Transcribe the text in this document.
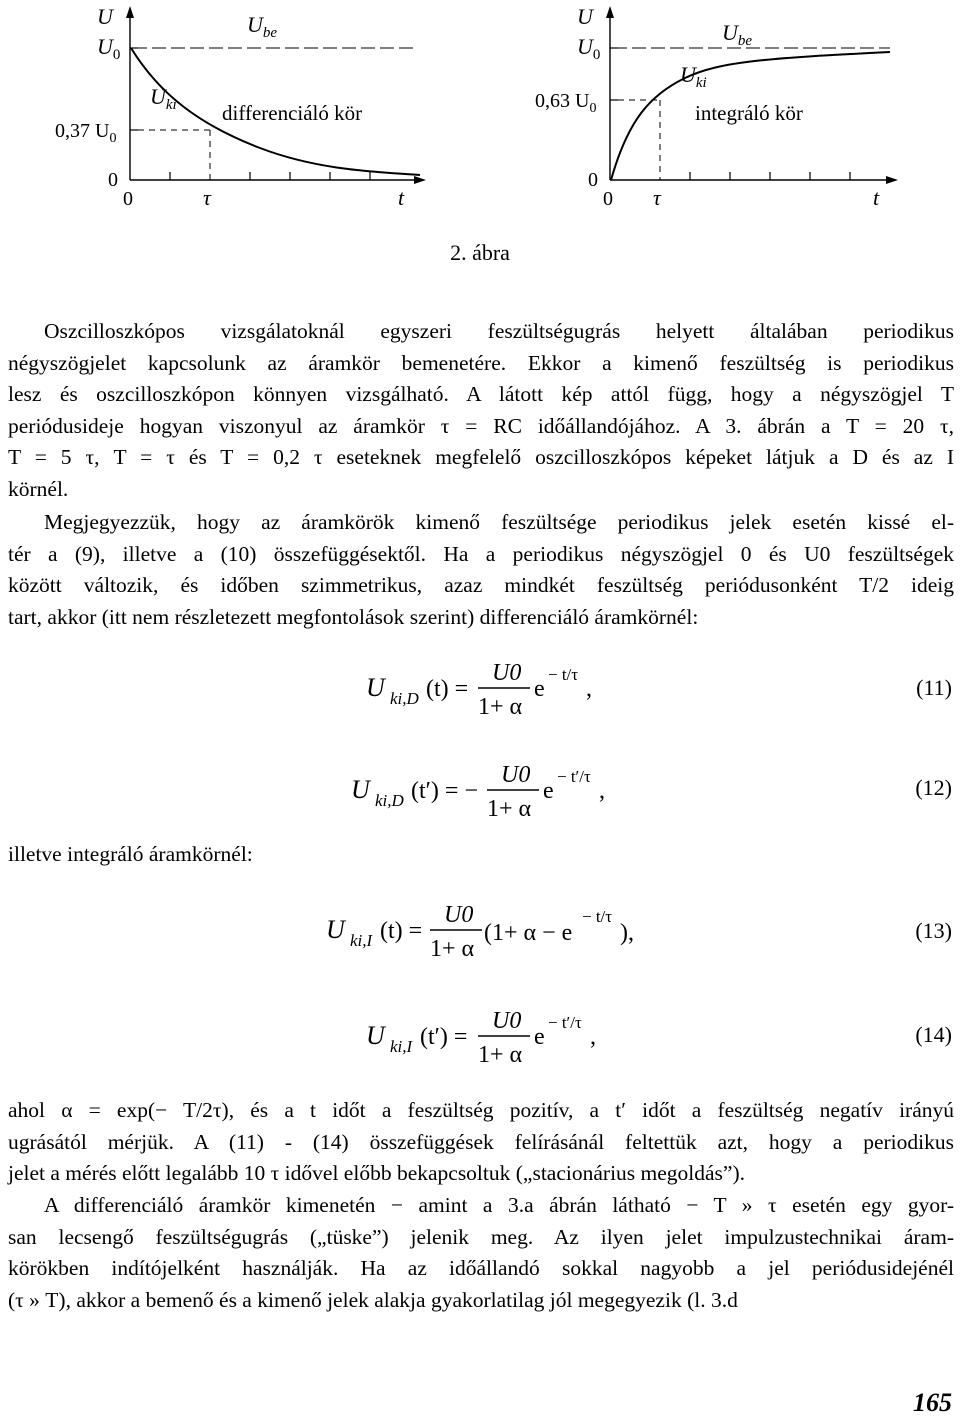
U
$U_0$
0,37 $U_0$
0
0	τ	t
$U_{be}$
$U_{ki}$ differenciáló kör
U
$U_0$
0,63 $U_0$
0
0 τ	t
$U_{be}$
$U_{ki}$
integráló kör
2. ábra
Oszcilloszkópos vizsgálatoknál egyszeri feszültségugrás helyett általában periodikus
négyszögjelet kapcsolunk az áramkör bemenetére. Ekkor a kimenő feszültség is periodikus
lesz és oszcilloszkópon könnyen vizsgálható. A látott kép attól függ, hogy a négyszögjel T
periódusideje hogyan viszonyul az áramkör τ = RC időállandójához. A 3. ábrán a T = 20 τ,
T = 5 τ, T = τ és T = 0,2 τ eseteknek megfelelő oszcilloszkópos képeket látjuk a D és az I
körnél.
Megjegyezzük, hogy az áramkörök kimenő feszültsége periodikus jelek esetén kissé el-
tér a (9), illetve a (10) összefüggésektől. Ha a periodikus négyszögjel 0 és U0 feszültségek
között változik, és időben szimmetrikus, azaz mindkét feszültség periódusonként T/2 ideig
tart, akkor (itt nem részletezett megfontolások szerint) differenciáló áramkörnél:
U ki,D (t) =
U0
1+ α
e
− t/τ
,	(11)
U ki,D (t′) = −
U0
1+ α
e
− t′/τ
,	(12)
illetve integráló áramkörnél:
U ki,I (t) =
U0
1+ α
(1+ α − e
− t/τ
),	(13)
U ki,I (t′) =
U0
1+ α
e
− t′/τ
,	(14)
ahol α = exp(− T/2τ), és a t időt a feszültség pozitív, a t′ időt a feszültség negatív irányú
ugrásától mérjük. A (11) - (14) összefüggések felírásánál feltettük azt, hogy a periodikus
jelet a mérés előtt legalább 10 τ idővel előbb bekapcsoltuk („stacionárius megoldás”).
A differenciáló áramkör kimenetén − amint a 3.a ábrán látható − T » τ esetén egy gyor-
san lecsengő feszültségugrás („tüske”) jelenik meg. Az ilyen jelet impulzustechnikai áram-
körökben indítójelként használják. Ha az időállandó sokkal nagyobb a jel periódusidejénél
(τ » T), akkor a bemenő és a kimenő jelek alakja gyakorlatilag jól megegyezik (l. 3.d
165
